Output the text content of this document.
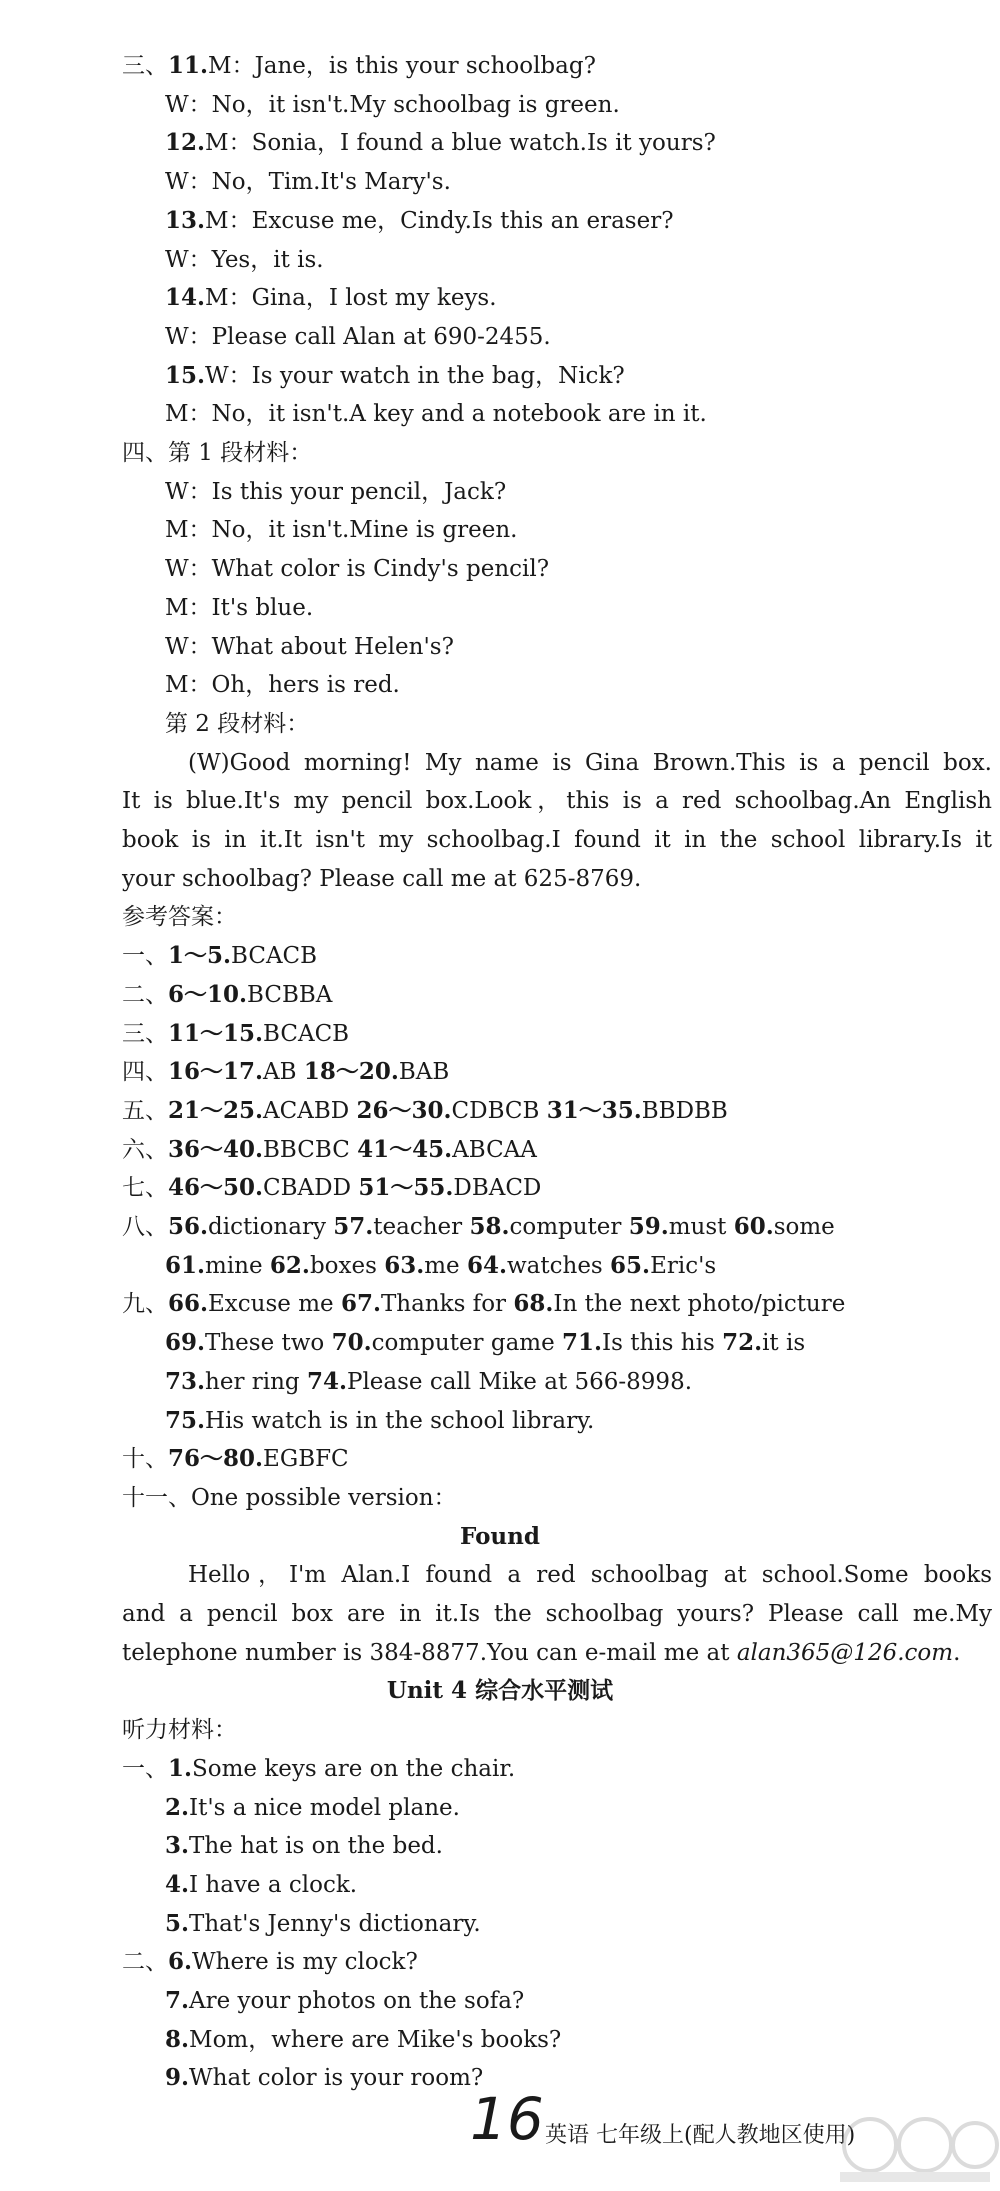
三、11.M：Jane，is this your schoolbag?
W：No，it isn't.My schoolbag is green.
12.M：Sonia，I found a blue watch.Is it yours?
W：No，Tim.It's Mary's.
13.M：Excuse me，Cindy.Is this an eraser?
W：Yes，it is.
14.M：Gina，I lost my keys.
W：Please call Alan at 690-2455.
15.W：Is your watch in the bag，Nick?
M：No，it isn't.A key and a notebook are in it.
四、第 1 段材料：
W：Is this your pencil，Jack?
M：No，it isn't.Mine is green.
W：What color is Cindy's pencil?
M：It's blue.
W：What about Helen's?
M：Oh，hers is red.
第 2 段材料：
(W)Good morning! My name is Gina Brown.This is a pencil box.
It is blue.It's my pencil box.Look，this is a red schoolbag.An English
book is in it.It isn't my schoolbag.I found it in the school library.Is it
your schoolbag? Please call me at 625-8769.
参考答案：
一、1～5.BCACB
二、6～10.BCBBA
三、11～15.BCACB
四、16～17.AB 18～20.BAB
五、21～25.ACABD 26～30.CDBCB 31～35.BBDBB
六、36～40.BBCBC 41～45.ABCAA
七、46～50.CBADD 51～55.DBACD
八、56.dictionary 57.teacher 58.computer 59.must 60.some
61.mine 62.boxes 63.me 64.watches 65.Eric's
九、66.Excuse me 67.Thanks for 68.In the next photo/picture
69.These two 70.computer game 71.Is this his 72.it is
73.her ring 74.Please call Mike at 566-8998.
75.His watch is in the school library.
十、76～80.EGBFC
十一、One possible version：
Found
Hello，I'm Alan.I found a red schoolbag at school.Some books
and a pencil box are in it.Is the schoolbag yours? Please call me.My
telephone number is 384-8877.You can e-mail me at alan365@126.com.
Unit 4 综合水平测试
听力材料：
一、1.Some keys are on the chair.
2.It's a nice model plane.
3.The hat is on the bed.
4.I have a clock.
5.That's Jenny's dictionary.
二、6.Where is my clock?
7.Are your photos on the sofa?
8.Mom，where are Mike's books?
9.What color is your room?
16 英语 七年级上(配人教地区使用)
